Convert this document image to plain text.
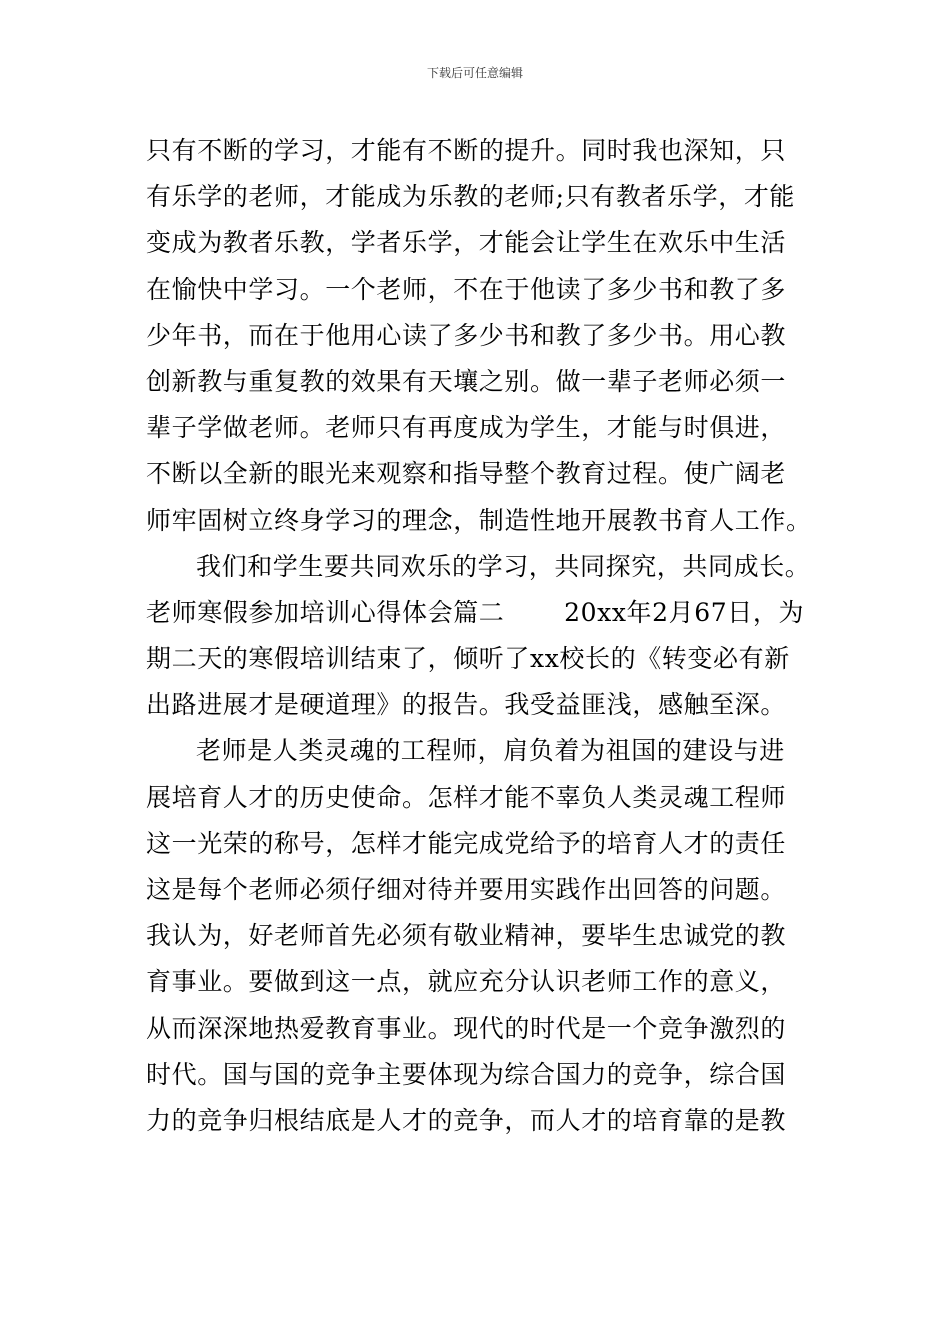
下载后可任意编辑
只有不断的学习，才能有不断的提升。同时我也深知，只
有乐学的老师，才能成为乐教的老师;只有教者乐学，才能
变成为教者乐教，学者乐学，才能会让学生在欢乐中生活
在愉快中学习。一个老师，不在于他读了多少书和教了多
少年书，而在于他用心读了多少书和教了多少书。用心教
创新教与重复教的效果有天壤之别。做一辈子老师必须一
辈子学做老师。老师只有再度成为学生，才能与时俱进，
不断以全新的眼光来观察和指导整个教育过程。使广阔老
师牢固树立终身学习的理念，制造性地开展教书育人工作。
我们和学生要共同欢乐的学习，共同探究，共同成长。
老师寒假参加培训心得体会篇二　　 20xx年2月67日，为
期二天的寒假培训结束了，倾听了xx校长的《转变必有新
出路进展才是硬道理》的报告。我受益匪浅，感触至深。
老师是人类灵魂的工程师，肩负着为祖国的建设与进
展培育人才的历史使命。怎样才能不辜负人类灵魂工程师
这一光荣的称号，怎样才能完成党给予的培育人才的责任
这是每个老师必须仔细对待并要用实践作出回答的问题。
我认为，好老师首先必须有敬业精神，要毕生忠诚党的教
育事业。要做到这一点，就应充分认识老师工作的意义，
从而深深地热爱教育事业。现代的时代是一个竞争激烈的
时代。国与国的竞争主要体现为综合国力的竞争，综合国
力的竞争归根结底是人才的竞争，而人才的培育靠的是教
